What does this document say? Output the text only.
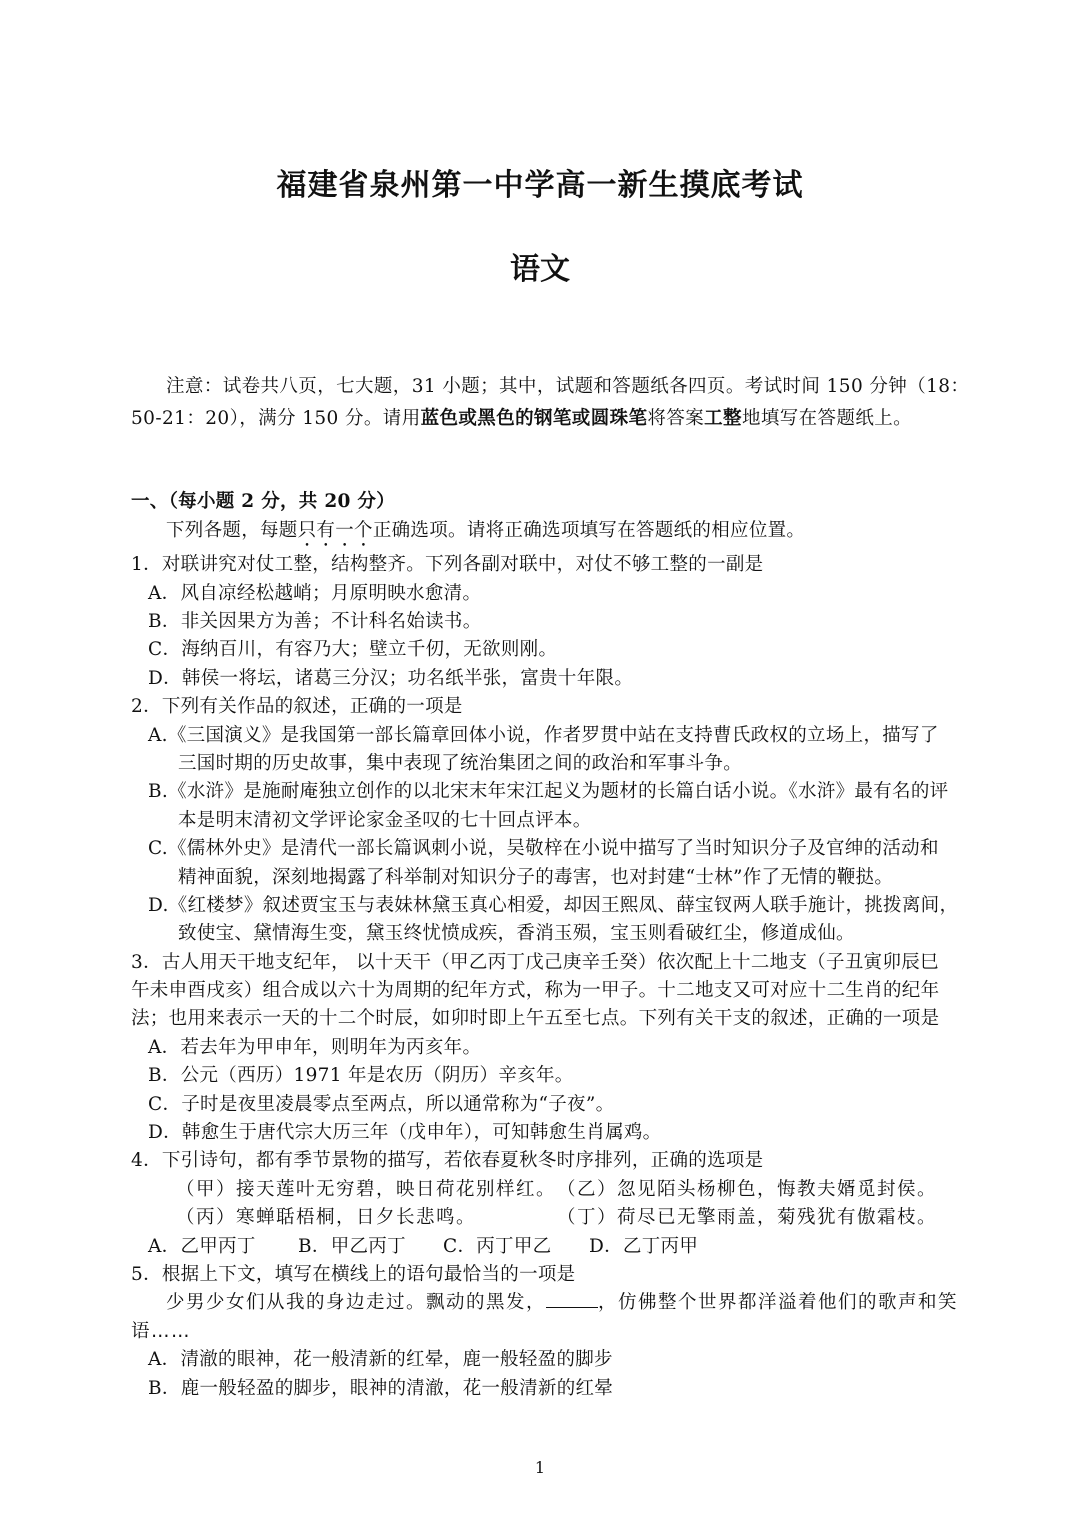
福建省泉州第一中学高一新生摸底考试
语文
注意：试卷共八页，七大题，31 小题；其中，试题和答题纸各四页。考试时间 150 分钟（18：
50-21：20），满分 150 分。请用蓝色或黑色的钢笔或圆珠笔将答案工整地填写在答题纸上。
一、（每小题 2 分，共 20 分）
下列各题，每题只有一个正确选项。请将正确选项填写在答题纸的相应位置。
1．对联讲究对仗工整，结构整齐。下列各副对联中，对仗不够工整的一副是
A．风自凉经松越峭；月原明映水愈清。
B．非关因果方为善；不计科名始读书。
C．海纳百川，有容乃大；壁立千仞，无欲则刚。
D．韩侯一将坛，诸葛三分汉；功名纸半张，富贵十年限。
2．下列有关作品的叙述，正确的一项是
A.《三国演义》是我国第一部长篇章回体小说，作者罗贯中站在支持曹氏政权的立场上，描写了
三国时期的历史故事，集中表现了统治集团之间的政治和军事斗争。
B.《水浒》是施耐庵独立创作的以北宋末年宋江起义为题材的长篇白话小说。《水浒》最有名的评
本是明末清初文学评论家金圣叹的七十回点评本。
C.《儒林外史》是清代一部长篇讽刺小说，吴敬梓在小说中描写了当时知识分子及官绅的活动和
精神面貌，深刻地揭露了科举制对知识分子的毒害，也对封建“士林”作了无情的鞭挞。
D.《红楼梦》叙述贾宝玉与表妹林黛玉真心相爱，却因王熙凤、薛宝钗两人联手施计，挑拨离间，
致使宝、黛情海生变，黛玉终忧愤成疾，香消玉殒，宝玉则看破红尘，修道成仙。
3．古人用天干地支纪年， 以十天干（甲乙丙丁戊己庚辛壬癸）依次配上十二地支（子丑寅卯辰巳
午未申酉戌亥）组合成以六十为周期的纪年方式，称为一甲子。十二地支又可对应十二生肖的纪年
法；也用来表示一天的十二个时辰，如卯时即上午五至七点。下列有关干支的叙述，正确的一项是
A．若去年为甲申年，则明年为丙亥年。
B．公元（西历）1971 年是农历（阴历）辛亥年。
C．子时是夜里凌晨零点至两点，所以通常称为“子夜”。
D．韩愈生于唐代宗大历三年（戊申年），可知韩愈生肖属鸡。
4．下引诗句，都有季节景物的描写，若依春夏秋冬时序排列，正确的选项是
（甲）接天莲叶无穷碧，映日荷花别样红。 （乙）忽见陌头杨柳色，悔教夫婿觅封侯。
（丙）寒蝉聒梧桐，日夕长悲鸣。	（丁）荷尽已无擎雨盖，菊残犹有傲霜枝。
A．乙甲丙丁 B．甲乙丙丁 C．丙丁甲乙 D．乙丁丙甲
5．根据上下文，填写在横线上的语句最恰当的一项是
少男少女们从我的身边走过。飘动的黑发，	，仿佛整个世界都洋溢着他们的歌声和笑
语……
A．清澈的眼神，花一般清新的红晕，鹿一般轻盈的脚步
B．鹿一般轻盈的脚步，眼神的清澈，花一般清新的红晕
1
